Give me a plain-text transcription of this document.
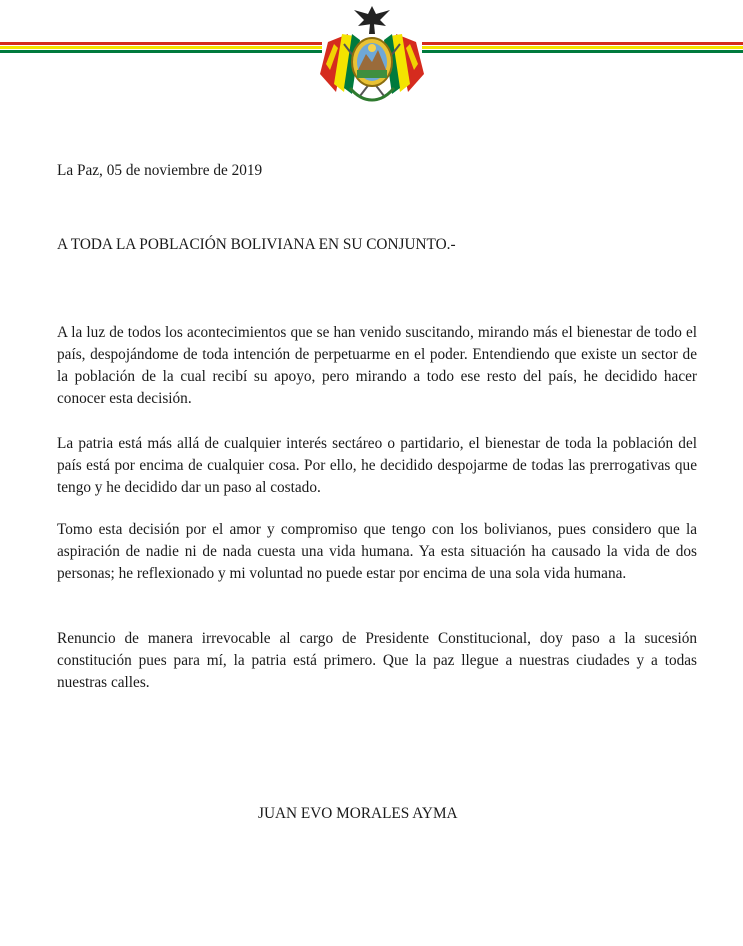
La Paz, 05 de noviembre de 2019

A TODA LA POBLACIÓN BOLIVIANA EN SU CONJUNTO.-

A la luz de todos los acontecimientos que se han venido suscitando, mirando más el bienestar de todo el país, despojándome de toda intención de perpetuarme en el poder. Entendiendo que existe un sector de la población de la cual recibí su apoyo, pero mirando a todo ese resto del país, he decidido hacer conocer esta decisión.

La patria está más allá de cualquier interés sectáreo o partidario, el bienestar de toda la población del país está por encima de cualquier cosa. Por ello, he decidido despojarme de todas las prerrogativas que tengo y he decidido dar un paso al costado.

Tomo esta decisión por el amor y compromiso que tengo con los bolivianos, pues considero que la aspiración de nadie ni de nada cuesta una vida humana. Ya esta situación ha causado la vida de dos personas; he reflexionado y mi voluntad no puede estar por encima de una sola vida humana.

Renuncio de manera irrevocable al cargo de Presidente Constitucional, doy paso a la sucesión constitución pues para mí, la patria está primero. Que la paz llegue a nuestras ciudades y a todas nuestras calles.

JUAN EVO MORALES AYMA
